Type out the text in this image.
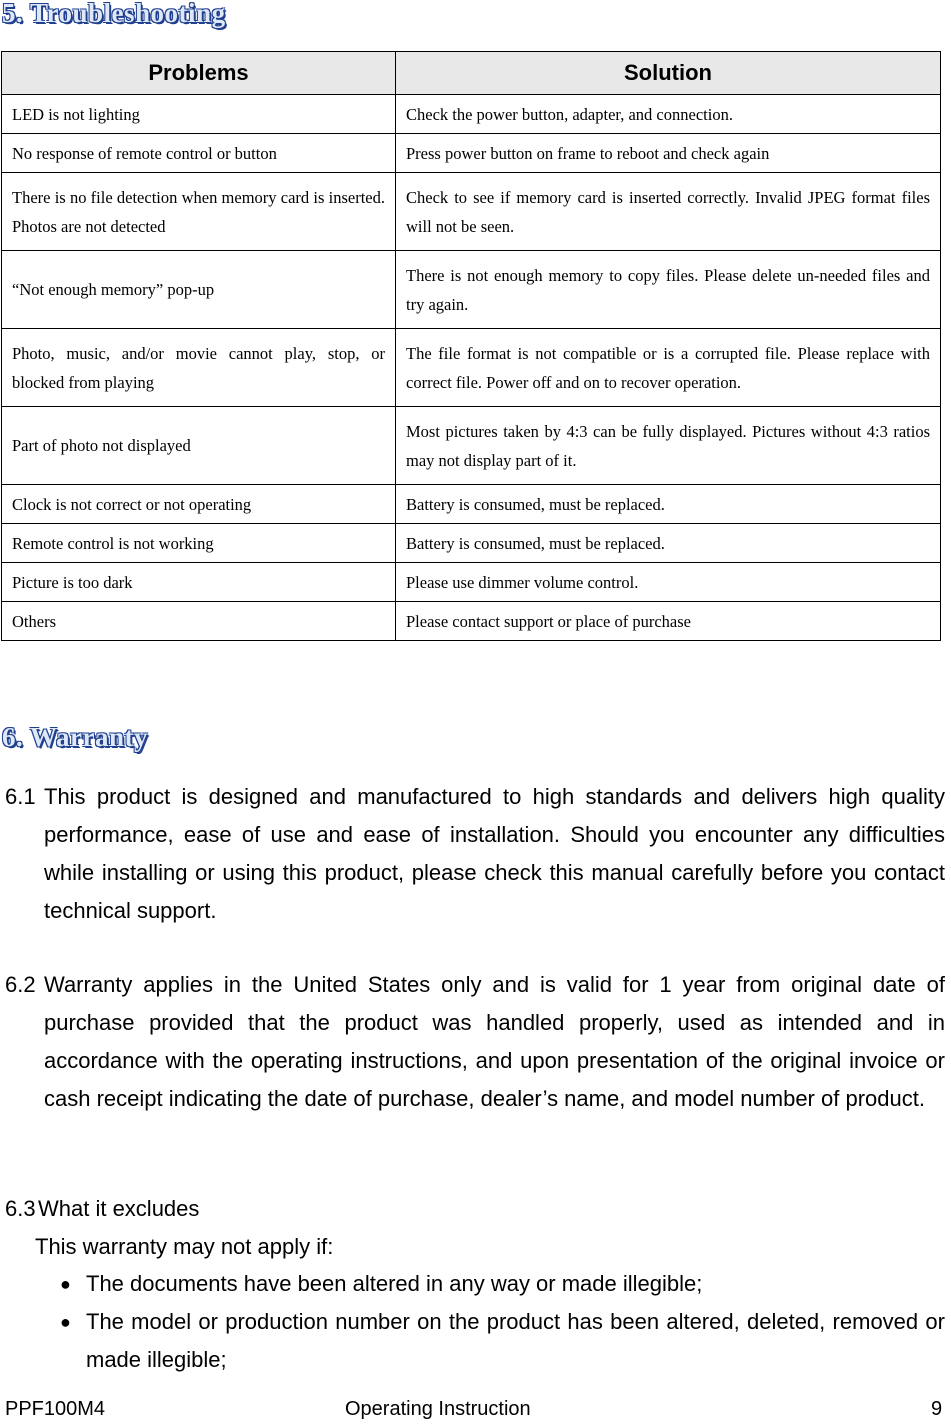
5. Troubleshooting
Problems	Solution
LED is not lighting	Check the power button, adapter, and connection.
No response of remote control or button	Press power button on frame to reboot and check again
There is no file detection when memory card is inserted. Photos are not detected	Check to see if memory card is inserted correctly. Invalid JPEG format files will not be seen.
“Not enough memory” pop-up	There is not enough memory to copy files. Please delete un-needed files and try again.
Photo, music, and/or movie cannot play, stop, or blocked from playing	The file format is not compatible or is a corrupted file. Please replace with correct file. Power off and on to recover operation.
Part of photo not displayed	Most pictures taken by 4:3 can be fully displayed. Pictures without 4:3 ratios may not display part of it.
Clock is not correct or not operating	Battery is consumed, must be replaced.
Remote control is not working	Battery is consumed, must be replaced.
Picture is too dark	Please use dimmer volume control.
Others	Please contact support or place of purchase
6. Warranty
6.1 This product is designed and manufactured to high standards and delivers high quality performance, ease of use and ease of installation. Should you encounter any difficulties while installing or using this product, please check this manual carefully before you contact technical support.
6.2 Warranty applies in the United States only and is valid for 1 year from original date of purchase provided that the product was handled properly, used as intended and in accordance with the operating instructions, and upon presentation of the original invoice or cash receipt indicating the date of purchase, dealer’s name, and model number of product.
6.3 What it excludes
This warranty may not apply if:
● The documents have been altered in any way or made illegible;
● The model or production number on the product has been altered, deleted, removed or made illegible;
PPF100M4	Operating Instruction	9
